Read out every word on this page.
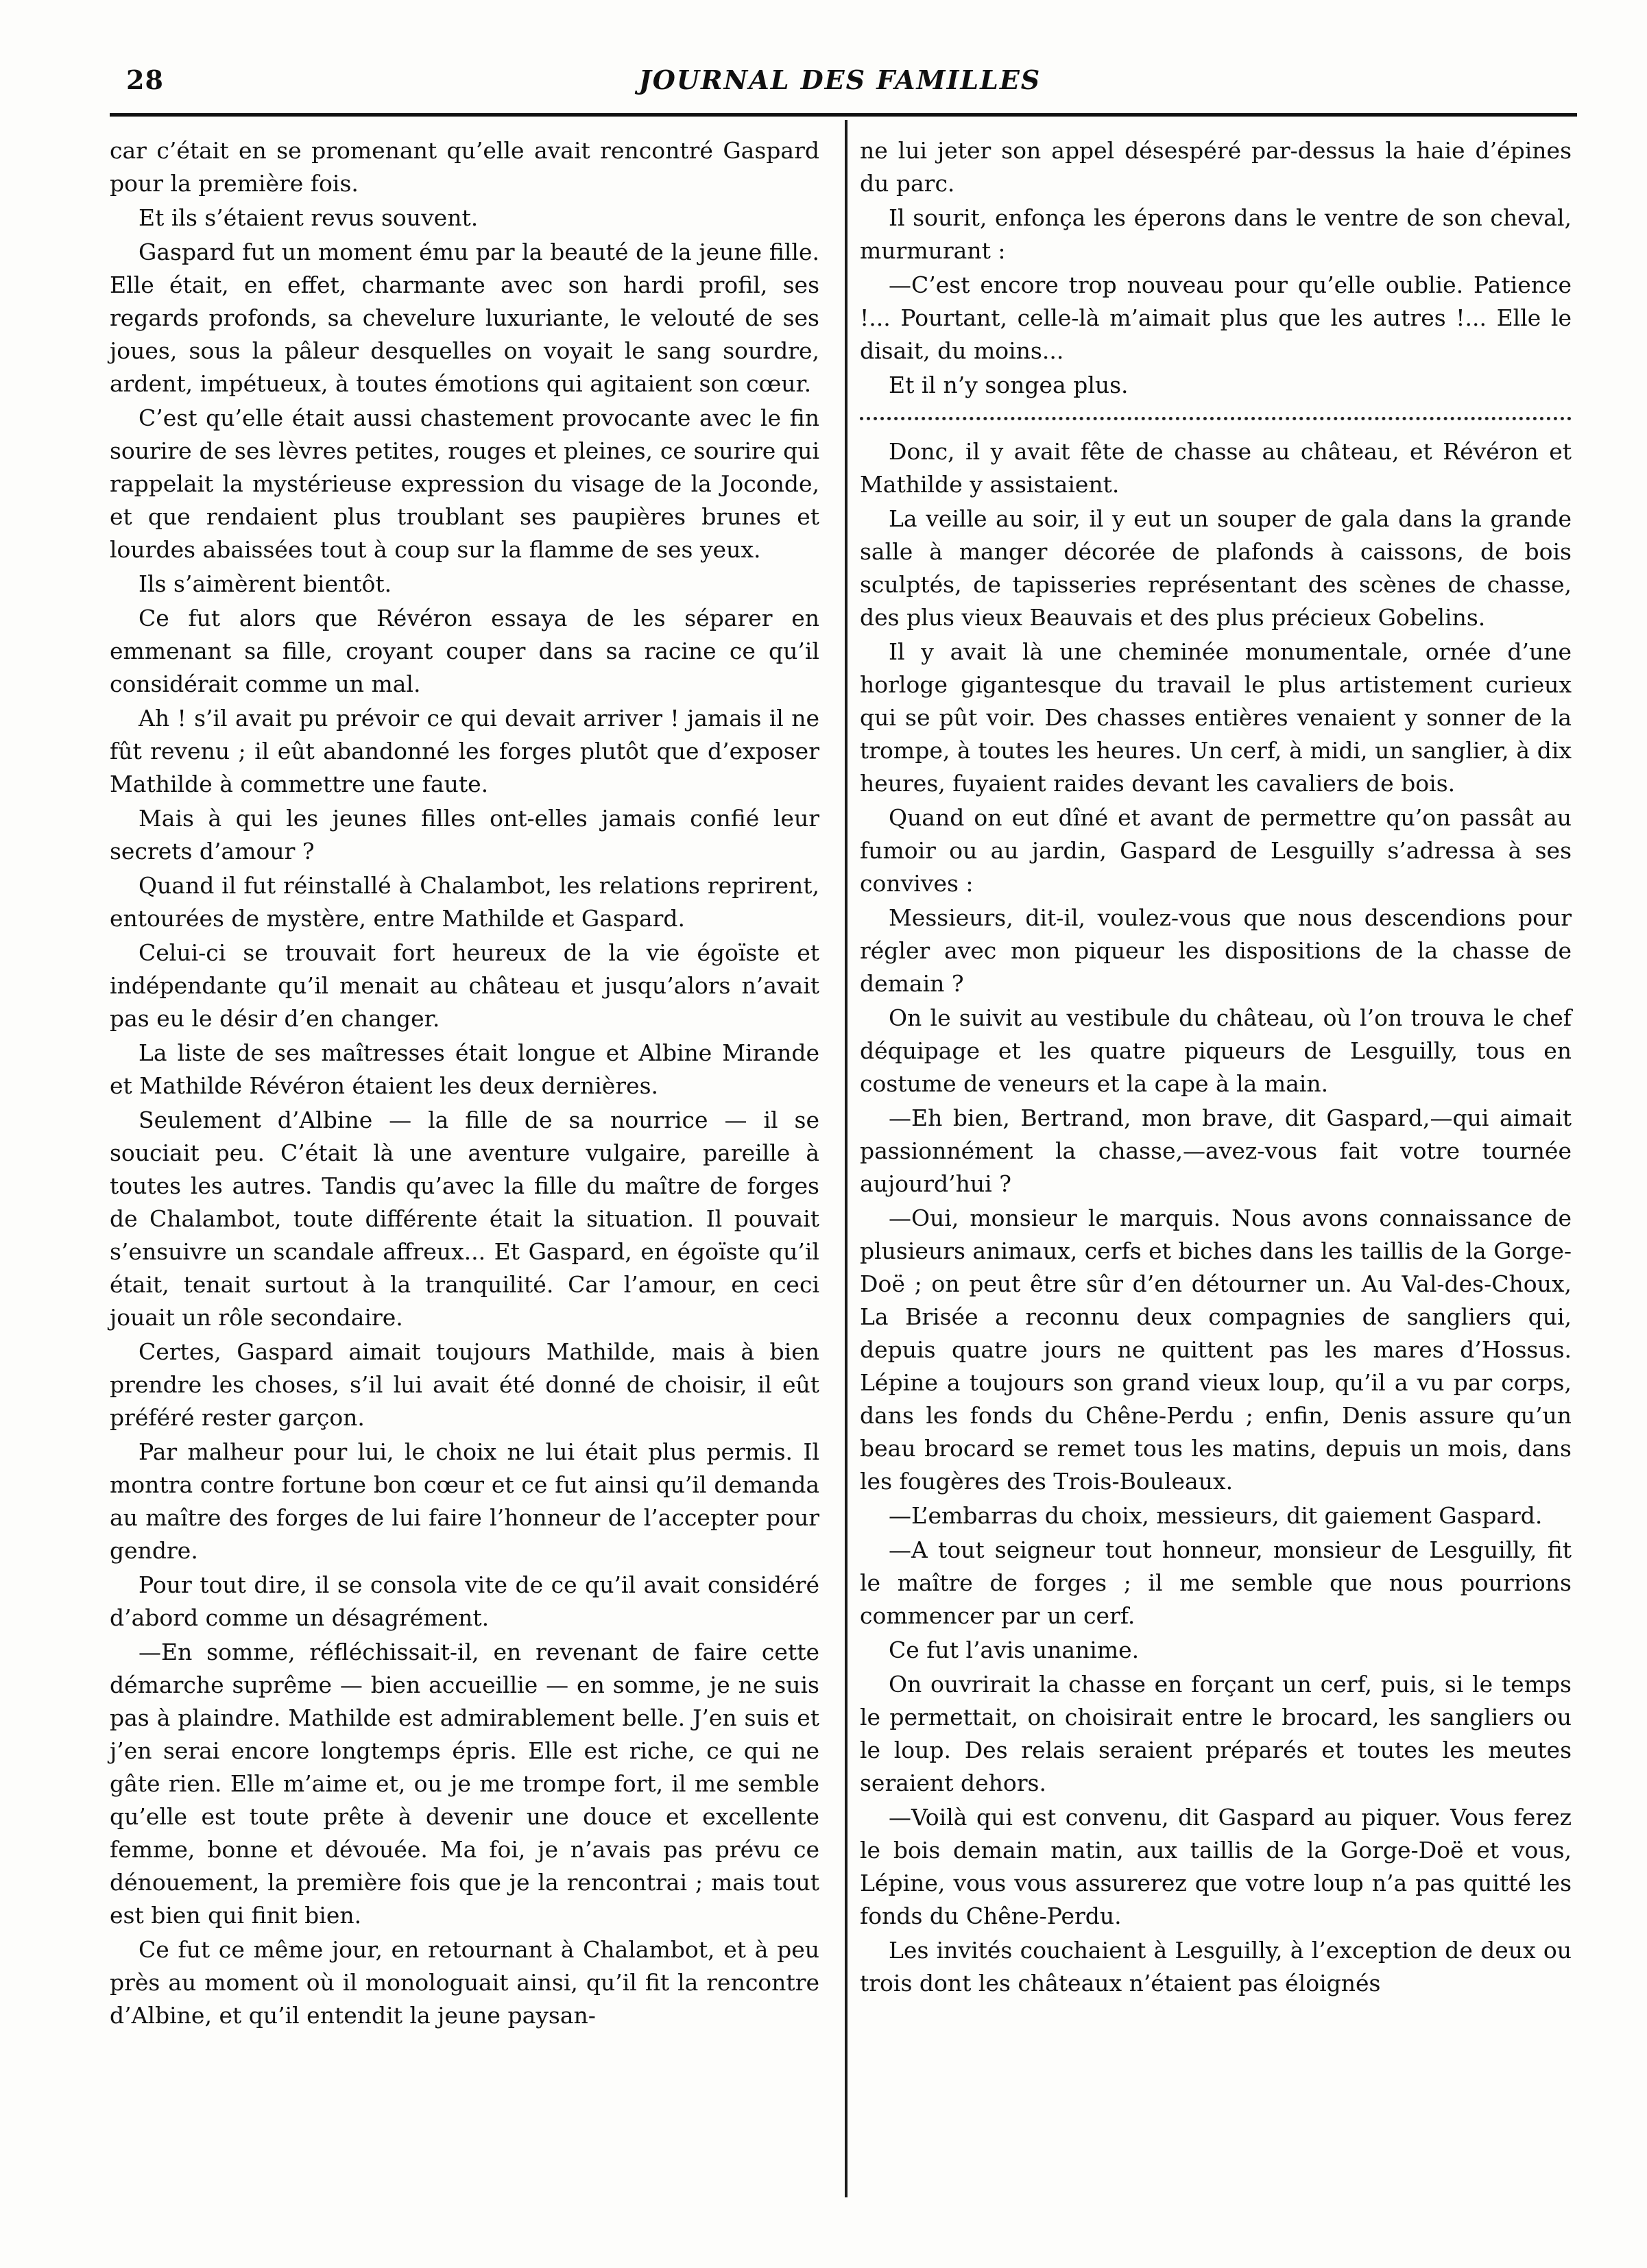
28	JOURNAL DES FAMILLES

car c’était en se promenant qu’elle avait rencontré Gaspard pour la première fois.

Et ils s’étaient revus souvent.

Gaspard fut un moment ému par la beauté de la jeune fille. Elle était, en effet, charmante avec son hardi profil, ses regards profonds, sa chevelure luxuriante, le velouté de ses joues, sous la pâleur desquelles on voyait le sang sourdre, ardent, impétueux, à toutes émotions qui agitaient son cœur.

C’est qu’elle était aussi chastement provocante avec le fin sourire de ses lèvres petites, rouges et pleines, ce sourire qui rappelait la mystérieuse expression du visage de la Joconde, et que rendaient plus troublant ses paupières brunes et lourdes abaissées tout à coup sur la flamme de ses yeux.

Ils s’aimèrent bientôt.

Ce fut alors que Révéron essaya de les séparer en emmenant sa fille, croyant couper dans sa racine ce qu’il considérait comme un mal.

Ah ! s’il avait pu prévoir ce qui devait arriver ! jamais il ne fût revenu ; il eût abandonné les forges plutôt que d’exposer Mathilde à commettre une faute.

Mais à qui les jeunes filles ont-elles jamais confié leur secrets d’amour ?

Quand il fut réinstallé à Chalambot, les relations reprirent, entourées de mystère, entre Mathilde et Gaspard.

Celui-ci se trouvait fort heureux de la vie égoïste et indépendante qu’il menait au château et jusqu’alors n’avait pas eu le désir d’en changer.

La liste de ses maîtresses était longue et Albine Mirande et Mathilde Révéron étaient les deux dernières.

Seulement d’Albine — la fille de sa nourrice — il se souciait peu. C’était là une aventure vulgaire, pareille à toutes les autres. Tandis qu’avec la fille du maître de forges de Chalambot, toute différente était la situation. Il pouvait s’ensuivre un scandale affreux... Et Gaspard, en égoïste qu’il était, tenait surtout à la tranquilité. Car l’amour, en ceci jouait un rôle secondaire.

Certes, Gaspard aimait toujours Mathilde, mais à bien prendre les choses, s’il lui avait été donné de choisir, il eût préféré rester garçon.

Par malheur pour lui, le choix ne lui était plus permis. Il montra contre fortune bon cœur et ce fut ainsi qu’il demanda au maître des forges de lui faire l’honneur de l’accepter pour gendre.

Pour tout dire, il se consola vite de ce qu’il avait considéré d’abord comme un désagrément.

—En somme, réfléchissait-il, en revenant de faire cette démarche suprême — bien accueillie — en somme, je ne suis pas à plaindre. Mathilde est admirablement belle. J’en suis et j’en serai encore longtemps épris. Elle est riche, ce qui ne gâte rien. Elle m’aime et, ou je me trompe fort, il me semble qu’elle est toute prête à devenir une douce et excellente femme, bonne et dévouée. Ma foi, je n’avais pas prévu ce dénouement, la première fois que je la rencontrai ; mais tout est bien qui finit bien.

Ce fut ce même jour, en retournant à Chalambot, et à peu près au moment où il monologuait ainsi, qu’il fit la rencontre d’Albine, et qu’il entendit la jeune paysan-

ne lui jeter son appel désespéré par-dessus la haie d’épines du parc.

Il sourit, enfonça les éperons dans le ventre de son cheval, murmurant :

—C’est encore trop nouveau pour qu’elle oublie. Patience !... Pourtant, celle-là m’aimait plus que les autres !... Elle le disait, du moins...

Et il n’y songea plus.

Donc, il y avait fête de chasse au château, et Révéron et Mathilde y assistaient.

La veille au soir, il y eut un souper de gala dans la grande salle à manger décorée de plafonds à caissons, de bois sculptés, de tapisseries représentant des scènes de chasse, des plus vieux Beauvais et des plus précieux Gobelins.

Il y avait là une cheminée monumentale, ornée d’une horloge gigantesque du travail le plus artistement curieux qui se pût voir. Des chasses entières venaient y sonner de la trompe, à toutes les heures. Un cerf, à midi, un sanglier, à dix heures, fuyaient raides devant les cavaliers de bois.

Quand on eut dîné et avant de permettre qu’on passât au fumoir ou au jardin, Gaspard de Lesguilly s’adressa à ses convives :

Messieurs, dit-il, voulez-vous que nous descendions pour régler avec mon piqueur les dispositions de la chasse de demain ?

On le suivit au vestibule du château, où l’on trouva le chef déquipage et les quatre piqueurs de Lesguilly, tous en costume de veneurs et la cape à la main.

—Eh bien, Bertrand, mon brave, dit Gaspard,—qui aimait passionnément la chasse,—avez-vous fait votre tournée aujourd’hui ?

—Oui, monsieur le marquis. Nous avons connaissance de plusieurs animaux, cerfs et biches dans les taillis de la Gorge-Doë ; on peut être sûr d’en détourner un. Au Val-des-Choux, La Brisée a reconnu deux compagnies de sangliers qui, depuis quatre jours ne quittent pas les mares d’Hossus. Lépine a toujours son grand vieux loup, qu’il a vu par corps, dans les fonds du Chêne-Perdu ; enfin, Denis assure qu’un beau brocard se remet tous les matins, depuis un mois, dans les fougères des Trois-Bouleaux.

—L’embarras du choix, messieurs, dit gaiement Gaspard.

—A tout seigneur tout honneur, monsieur de Lesguilly, fit le maître de forges ; il me semble que nous pourrions commencer par un cerf.

Ce fut l’avis unanime.

On ouvrirait la chasse en forçant un cerf, puis, si le temps le permettait, on choisirait entre le brocard, les sangliers ou le loup. Des relais seraient préparés et toutes les meutes seraient dehors.

—Voilà qui est convenu, dit Gaspard au piquer. Vous ferez le bois demain matin, aux taillis de la Gorge-Doë et vous, Lépine, vous vous assurerez que votre loup n’a pas quitté les fonds du Chêne-Perdu.

Les invités couchaient à Lesguilly, à l’exception de deux ou trois dont les châteaux n’étaient pas éloignés
